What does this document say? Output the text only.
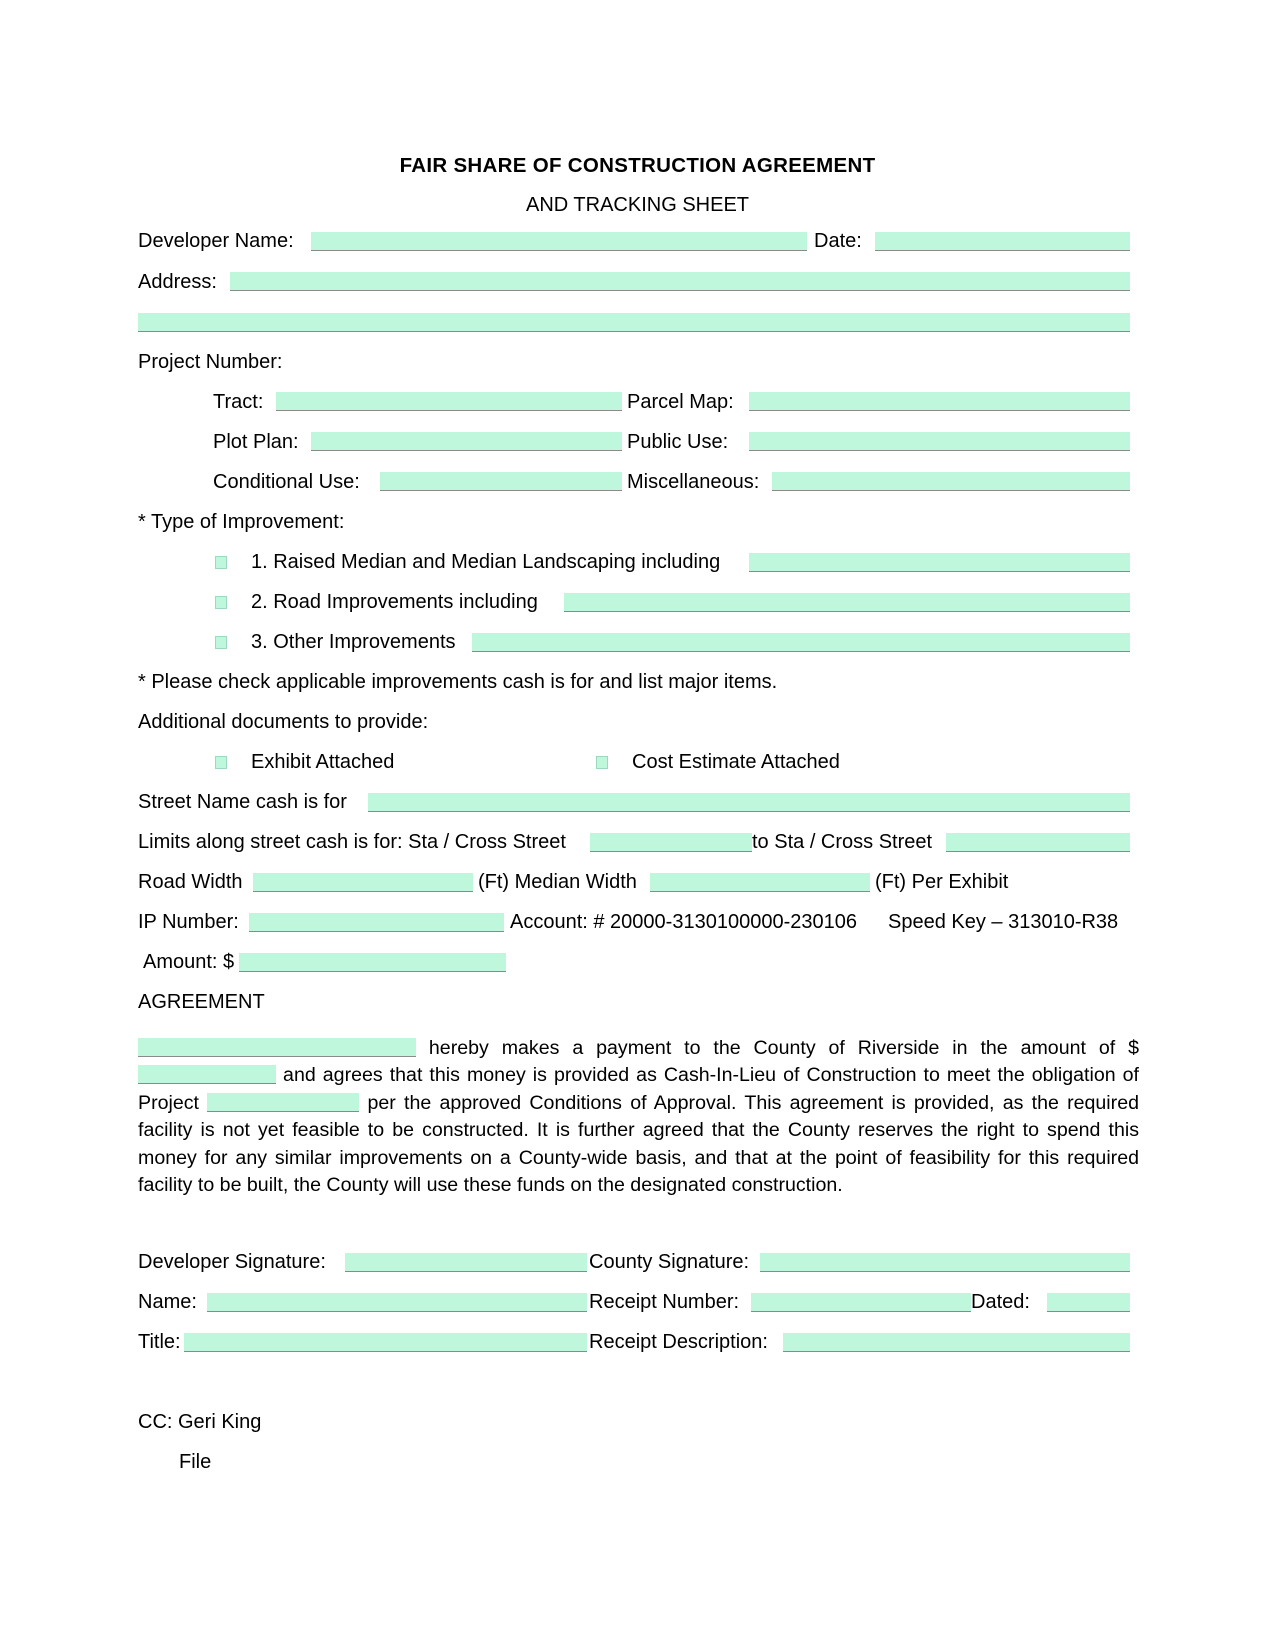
FAIR SHARE OF CONSTRUCTION AGREEMENT
AND TRACKING SHEET
Developer Name:	Date:
Address:
Project Number:
Tract:	Parcel Map:
Plot Plan:	Public Use:
Conditional Use:	Miscellaneous:
* Type of Improvement:
1. Raised Median and Median Landscaping including
2. Road Improvements including
3. Other Improvements
* Please check applicable improvements cash is for and list major items.
Additional documents to provide:
Exhibit Attached	Cost Estimate Attached
Street Name cash is for
Limits along street cash is for: Sta / Cross Street	to Sta / Cross Street
Road Width	(Ft) Median Width	(Ft) Per Exhibit
IP Number:	Account: # 20000-3130100000-230106 Speed Key – 313010-R38
Amount: $
AGREEMENT
hereby makes a payment to the County of Riverside in the amount of $ and agrees that this money is provided as Cash-In-Lieu of Construction to meet the obligation of Project	per the approved Conditions of Approval. This agreement is provided, as the required facility is not yet feasible to be constructed. It is further agreed that the County reserves the right to spend this money for any similar improvements on a County-wide basis, and that at the point of feasibility for this required facility to be built, the County will use these funds on the designated construction.
Developer Signature:	County Signature:
Name:	Receipt Number:	Dated:
Title:	Receipt Description:
CC: Geri King
File
